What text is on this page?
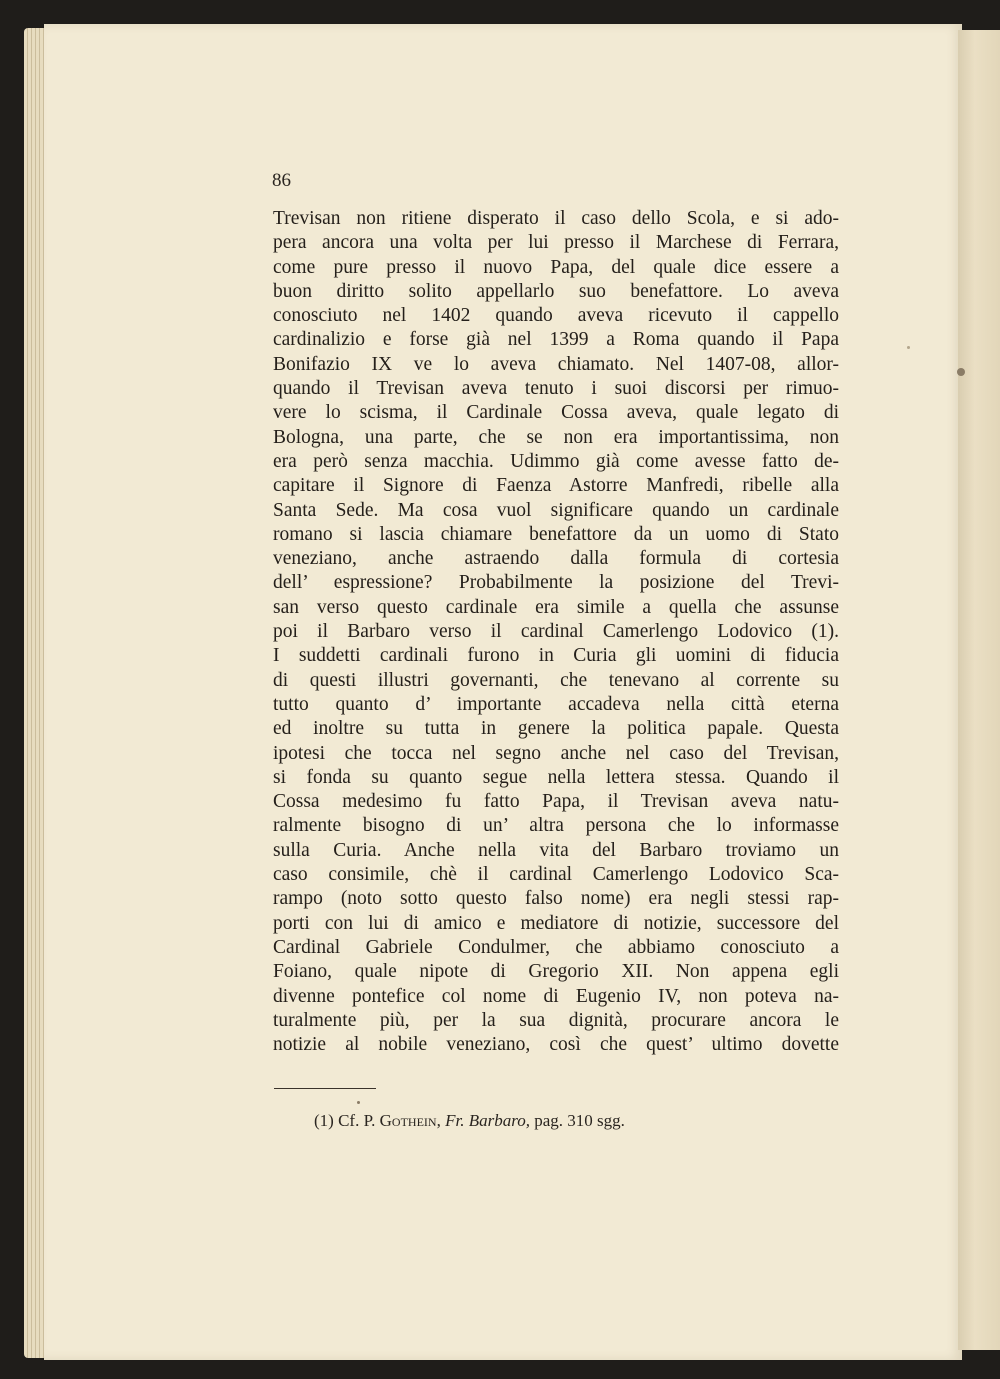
86

Trevisan non ritiene disperato il caso dello Scola, e si ado-
pera ancora una volta per lui presso il Marchese di Ferrara,
come pure presso il nuovo Papa, del quale dice essere a
buon diritto solito appellarlo suo benefattore. Lo aveva
conosciuto nel 1402 quando aveva ricevuto il cappello
cardinalizio e forse già nel 1399 a Roma quando il Papa
Bonifazio IX ve lo aveva chiamato. Nel 1407-08, allor-
quando il Trevisan aveva tenuto i suoi discorsi per rimuo-
vere lo scisma, il Cardinale Cossa aveva, quale legato di
Bologna, una parte, che se non era importantissima, non
era però senza macchia. Udimmo già come avesse fatto de-
capitare il Signore di Faenza Astorre Manfredi, ribelle alla
Santa Sede. Ma cosa vuol significare quando un cardinale
romano si lascia chiamare benefattore da un uomo di Stato
veneziano, anche astraendo dalla formula di cortesia
dell’ espressione? Probabilmente la posizione del Trevi-
san verso questo cardinale era simile a quella che assunse
poi il Barbaro verso il cardinal Camerlengo Lodovico (1).
I suddetti cardinali furono in Curia gli uomini di fiducia
di questi illustri governanti, che tenevano al corrente su
tutto quanto d’ importante accadeva nella città eterna
ed inoltre su tutta in genere la politica papale. Questa
ipotesi che tocca nel segno anche nel caso del Trevisan,
si fonda su quanto segue nella lettera stessa. Quando il
Cossa medesimo fu fatto Papa, il Trevisan aveva natu-
ralmente bisogno di un’ altra persona che lo informasse
sulla Curia. Anche nella vita del Barbaro troviamo un
caso consimile, chè il cardinal Camerlengo Lodovico Sca-
rampo (noto sotto questo falso nome) era negli stessi rap-
porti con lui di amico e mediatore di notizie, successore del
Cardinal Gabriele Condulmer, che abbiamo conosciuto a
Foiano, quale nipote di Gregorio XII. Non appena egli
divenne pontefice col nome di Eugenio IV, non poteva na-
turalmente più, per la sua dignità, procurare ancora le
notizie al nobile veneziano, così che quest’ ultimo dovette

(1) Cf. P. Gothein, Fr. Barbaro, pag. 310 sgg.
